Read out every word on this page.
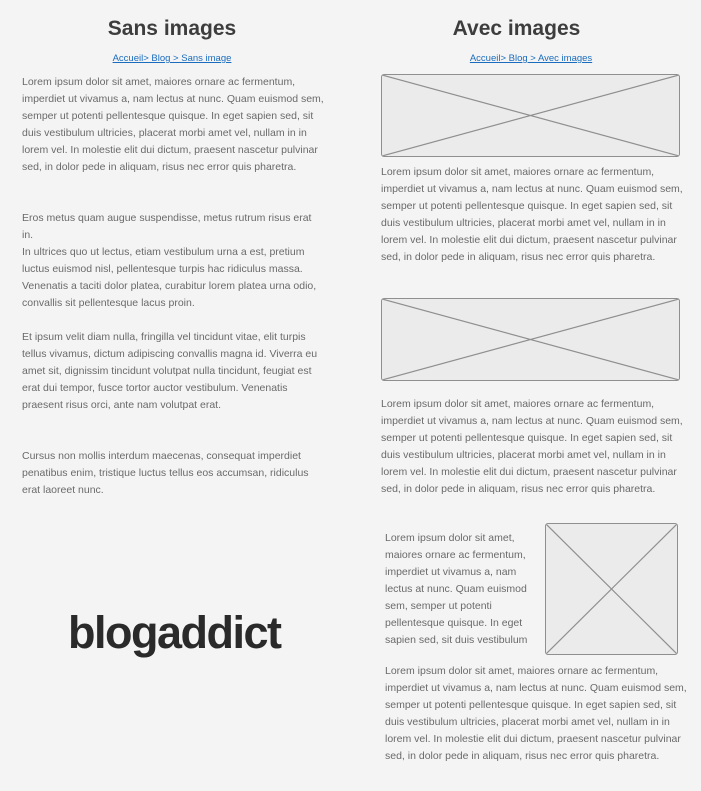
Sans images
Accueil> Blog > Sans image

Lorem ipsum dolor sit amet, maiores ornare ac fermentum, imperdiet ut vivamus a, nam lectus at nunc. Quam euismod sem, semper ut potenti pellentesque quisque. In eget sapien sed, sit duis vestibulum ultricies, placerat morbi amet vel, nullam in in lorem vel. In molestie elit dui dictum, praesent nascetur pulvinar sed, in dolor pede in aliquam, risus nec error quis pharetra.

Eros metus quam augue suspendisse, metus rutrum risus erat in.

In ultrices quo ut lectus, etiam vestibulum urna a est, pretium luctus euismod nisl, pellentesque turpis hac ridiculus massa. Venenatis a taciti dolor platea, curabitur lorem platea urna odio, convallis sit pellentesque lacus proin.

Et ipsum velit diam nulla, fringilla vel tincidunt vitae, elit turpis tellus vivamus, dictum adipiscing convallis magna id. Viverra eu amet sit, dignissim tincidunt volutpat nulla tincidunt, feugiat est erat dui tempor, fusce tortor auctor vestibulum. Venenatis praesent risus orci, ante nam volutpat erat.

Cursus non mollis interdum maecenas, consequat imperdiet penatibus enim, tristique luctus tellus eos accumsan, ridiculus erat laoreet nunc.

blogaddict
Avec images
Accueil> Blog > Avec images

Lorem ipsum dolor sit amet, maiores ornare ac fermentum, imperdiet ut vivamus a, nam lectus at nunc. Quam euismod sem, semper ut potenti pellentesque quisque. In eget sapien sed, sit duis vestibulum ultricies, placerat morbi amet vel, nullam in in lorem vel. In molestie elit dui dictum, praesent nascetur pulvinar sed, in dolor pede in aliquam, risus nec error quis pharetra.

Lorem ipsum dolor sit amet, maiores ornare ac fermentum, imperdiet ut vivamus a, nam lectus at nunc. Quam euismod sem, semper ut potenti pellentesque quisque. In eget sapien sed, sit duis vestibulum ultricies, placerat morbi amet vel, nullam in in lorem vel. In molestie elit dui dictum, praesent nascetur pulvinar sed, in dolor pede in aliquam, risus nec error quis pharetra.

Lorem ipsum dolor sit amet, maiores ornare ac fermentum, imperdiet ut vivamus a, nam lectus at nunc. Quam euismod sem, semper ut potenti pellentesque quisque. In eget sapien sed, sit duis vestibulum

Lorem ipsum dolor sit amet, maiores ornare ac fermentum, imperdiet ut vivamus a, nam lectus at nunc. Quam euismod sem, semper ut potenti pellentesque quisque. In eget sapien sed, sit duis vestibulum ultricies, placerat morbi amet vel, nullam in in lorem vel. In molestie elit dui dictum, praesent nascetur pulvinar sed, in dolor pede in aliquam, risus nec error quis pharetra.
